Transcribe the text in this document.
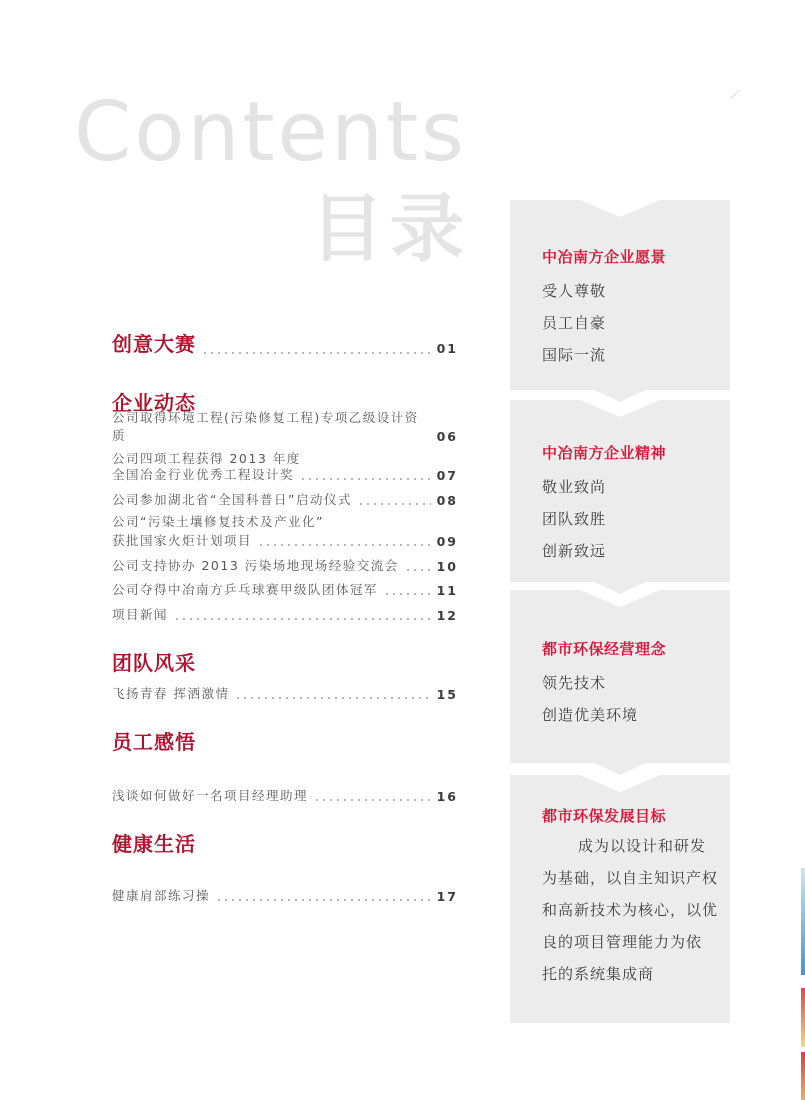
Contents
目录
创意大赛	01
企业动态
公司取得环境工程(污染修复工程)专项乙级设计资质	06
公司四项工程获得 2013 年度
全国冶金行业优秀工程设计奖	07
公司参加湖北省“全国科普日”启动仪式	08
公司“污染土壤修复技术及产业化”
获批国家火炬计划项目	09
公司支持协办 2013 污染场地现场经验交流会	10
公司夺得中冶南方乒乓球赛甲级队团体冠军	11
项目新闻	12
团队风采
飞扬青春 挥洒激情	15
员工感悟
浅谈如何做好一名项目经理助理	16
健康生活
健康肩部练习操	17
中冶南方企业愿景
受人尊敬
员工自豪
国际一流
中冶南方企业精神
敬业致尚
团队致胜
创新致远
都市环保经营理念
领先技术
创造优美环境
都市环保发展目标
成为以设计和研发
为基础，以自主知识产权
和高新技术为核心，以优
良的项目管理能力为依
托的系统集成商
